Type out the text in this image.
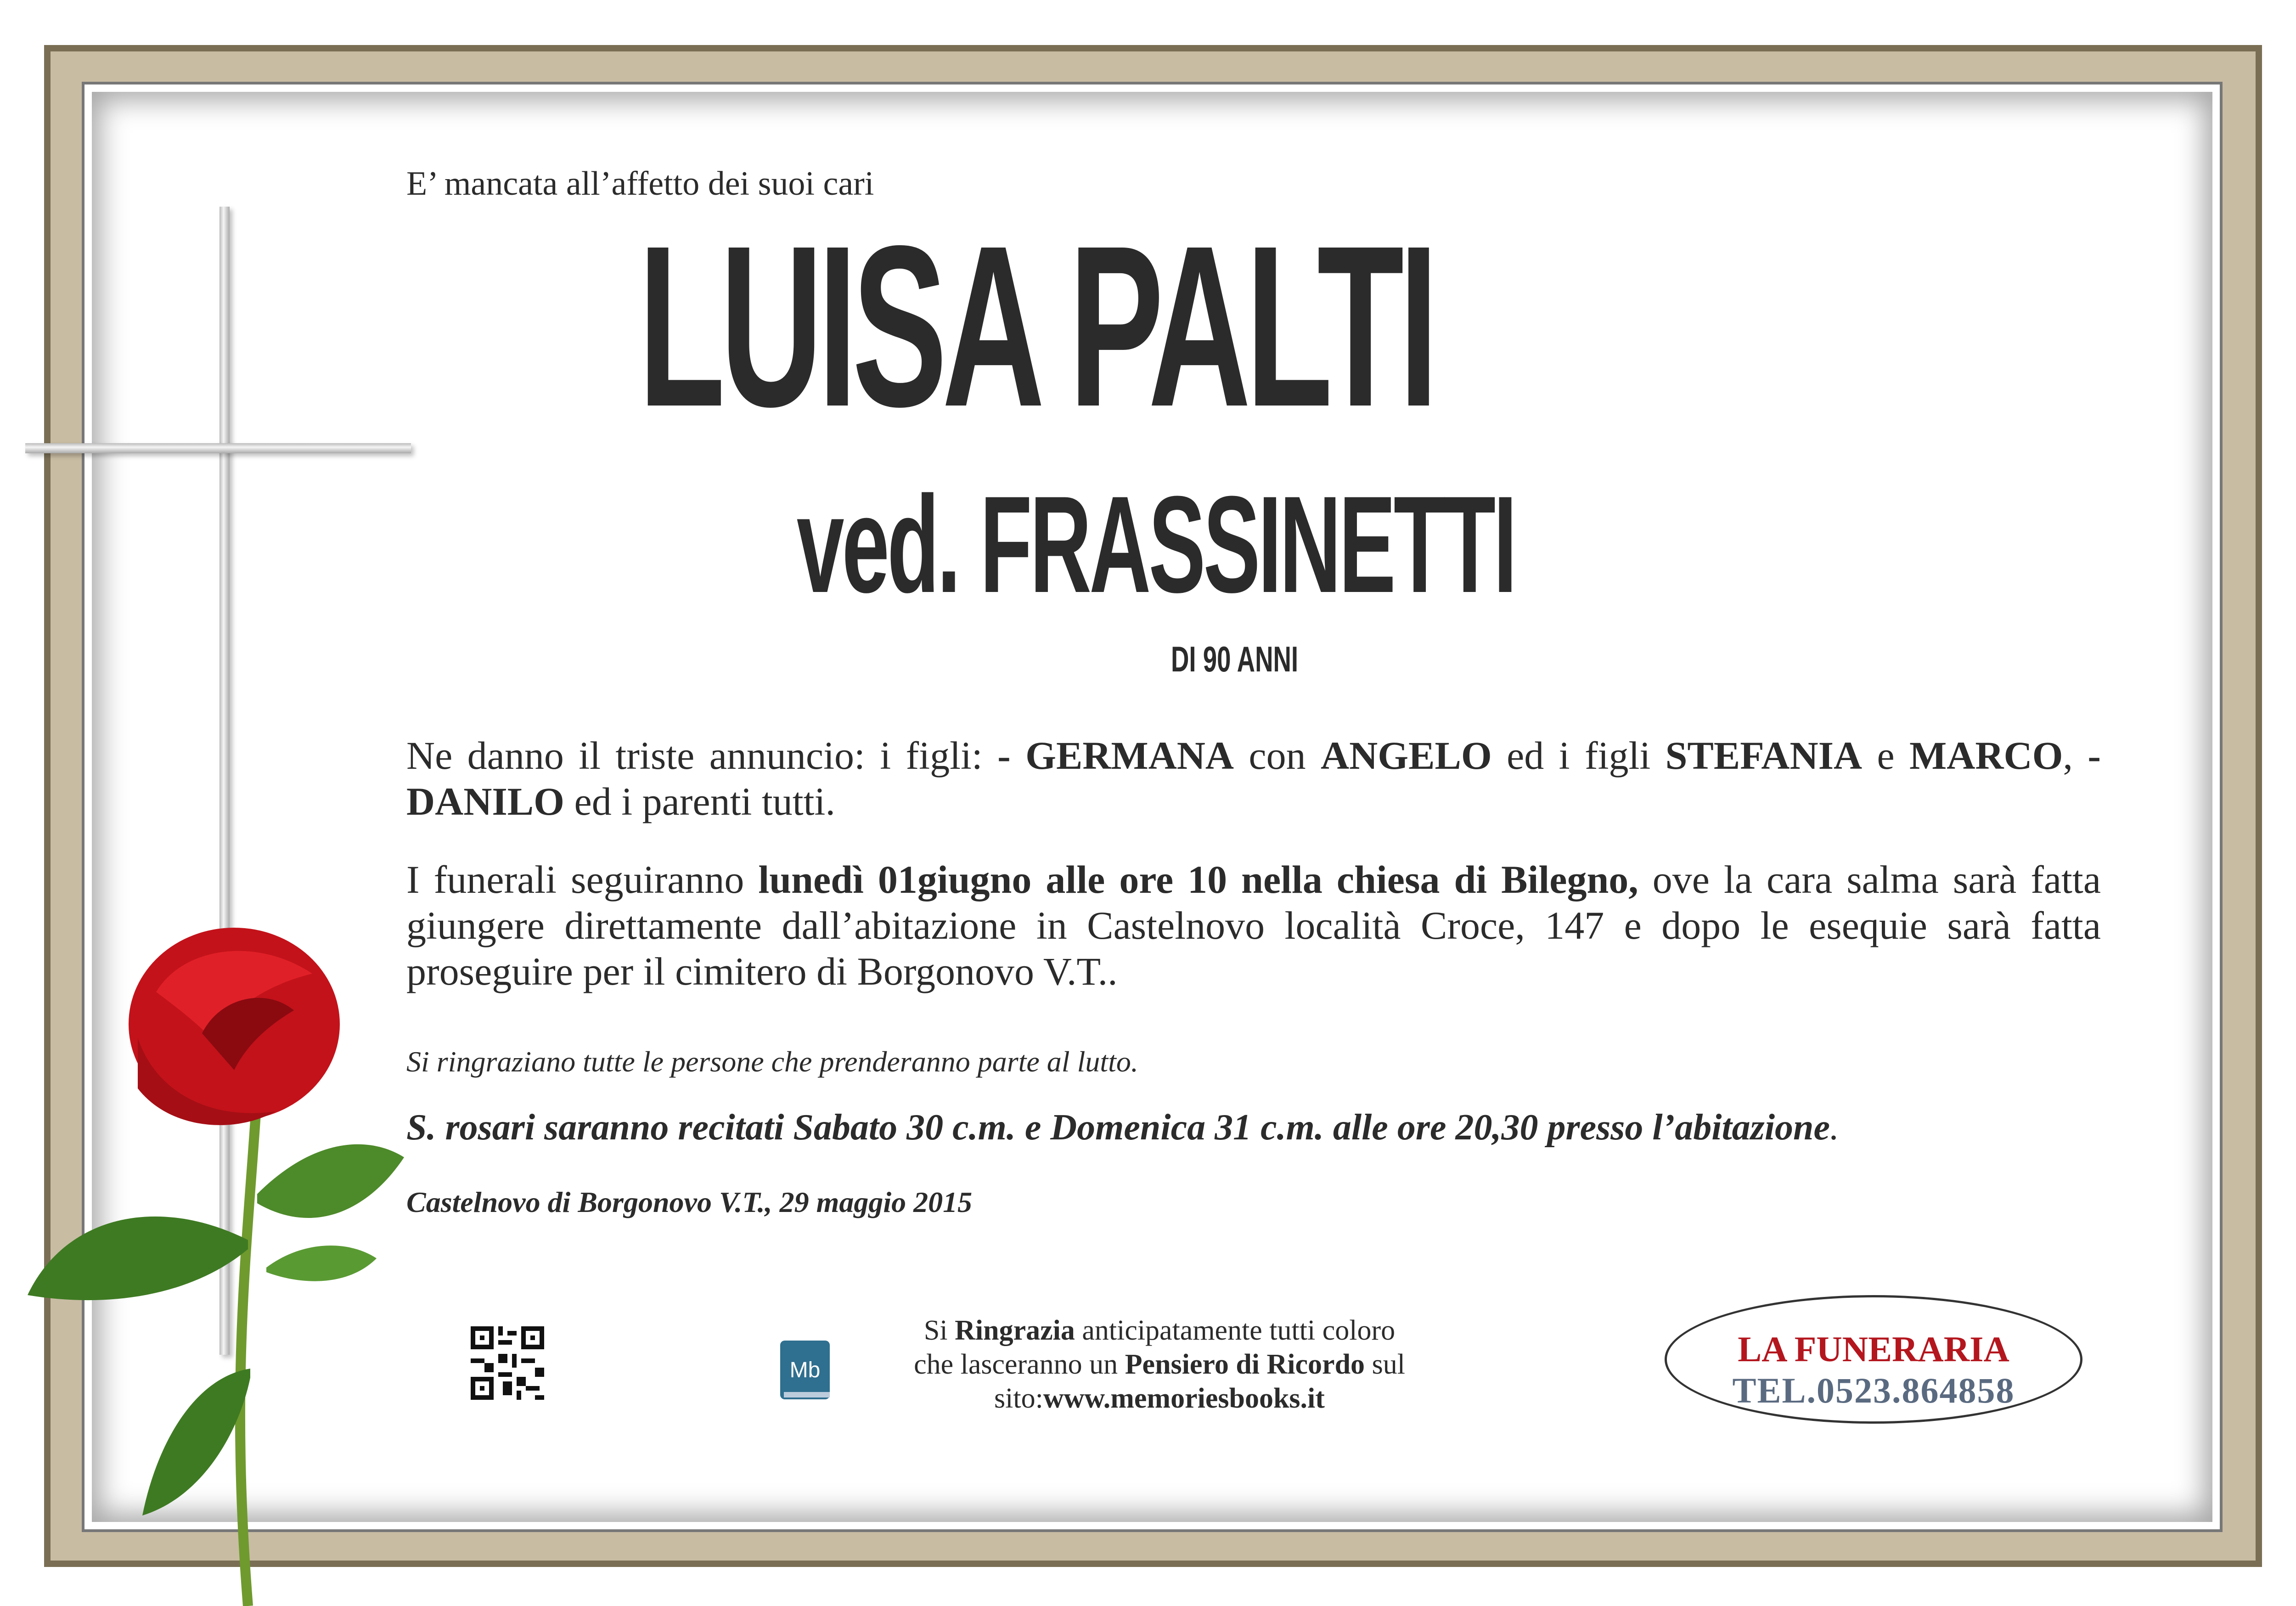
E’ mancata all’affetto dei suoi cari
LUISA PALTI
ved. FRASSINETTI
DI 90 ANNI
Ne danno il triste annuncio: i figli: - GERMANA con ANGELO ed i figli STEFANIA e MARCO, - DANILO ed i parenti tutti.
I funerali seguiranno lunedì 01giugno alle ore 10 nella chiesa di Bilegno, ove la cara salma sarà fatta giungere direttamente dall’abitazione in Castelnovo località Croce, 147 e dopo le esequie sarà fatta proseguire per il cimitero di Borgonovo V.T..
Si ringraziano tutte le persone che prenderanno parte al lutto.
S. rosari saranno recitati Sabato 30 c.m. e Domenica 31 c.m. alle ore 20,30 presso l’abitazione.
Castelnovo di Borgonovo V.T., 29 maggio 2015
Mb
Si Ringrazia anticipatamente tutti coloro
che lasceranno un Pensiero di Ricordo sul
sito:www.memoriesbooks.it
LA FUNERARIA
TEL.0523.864858
